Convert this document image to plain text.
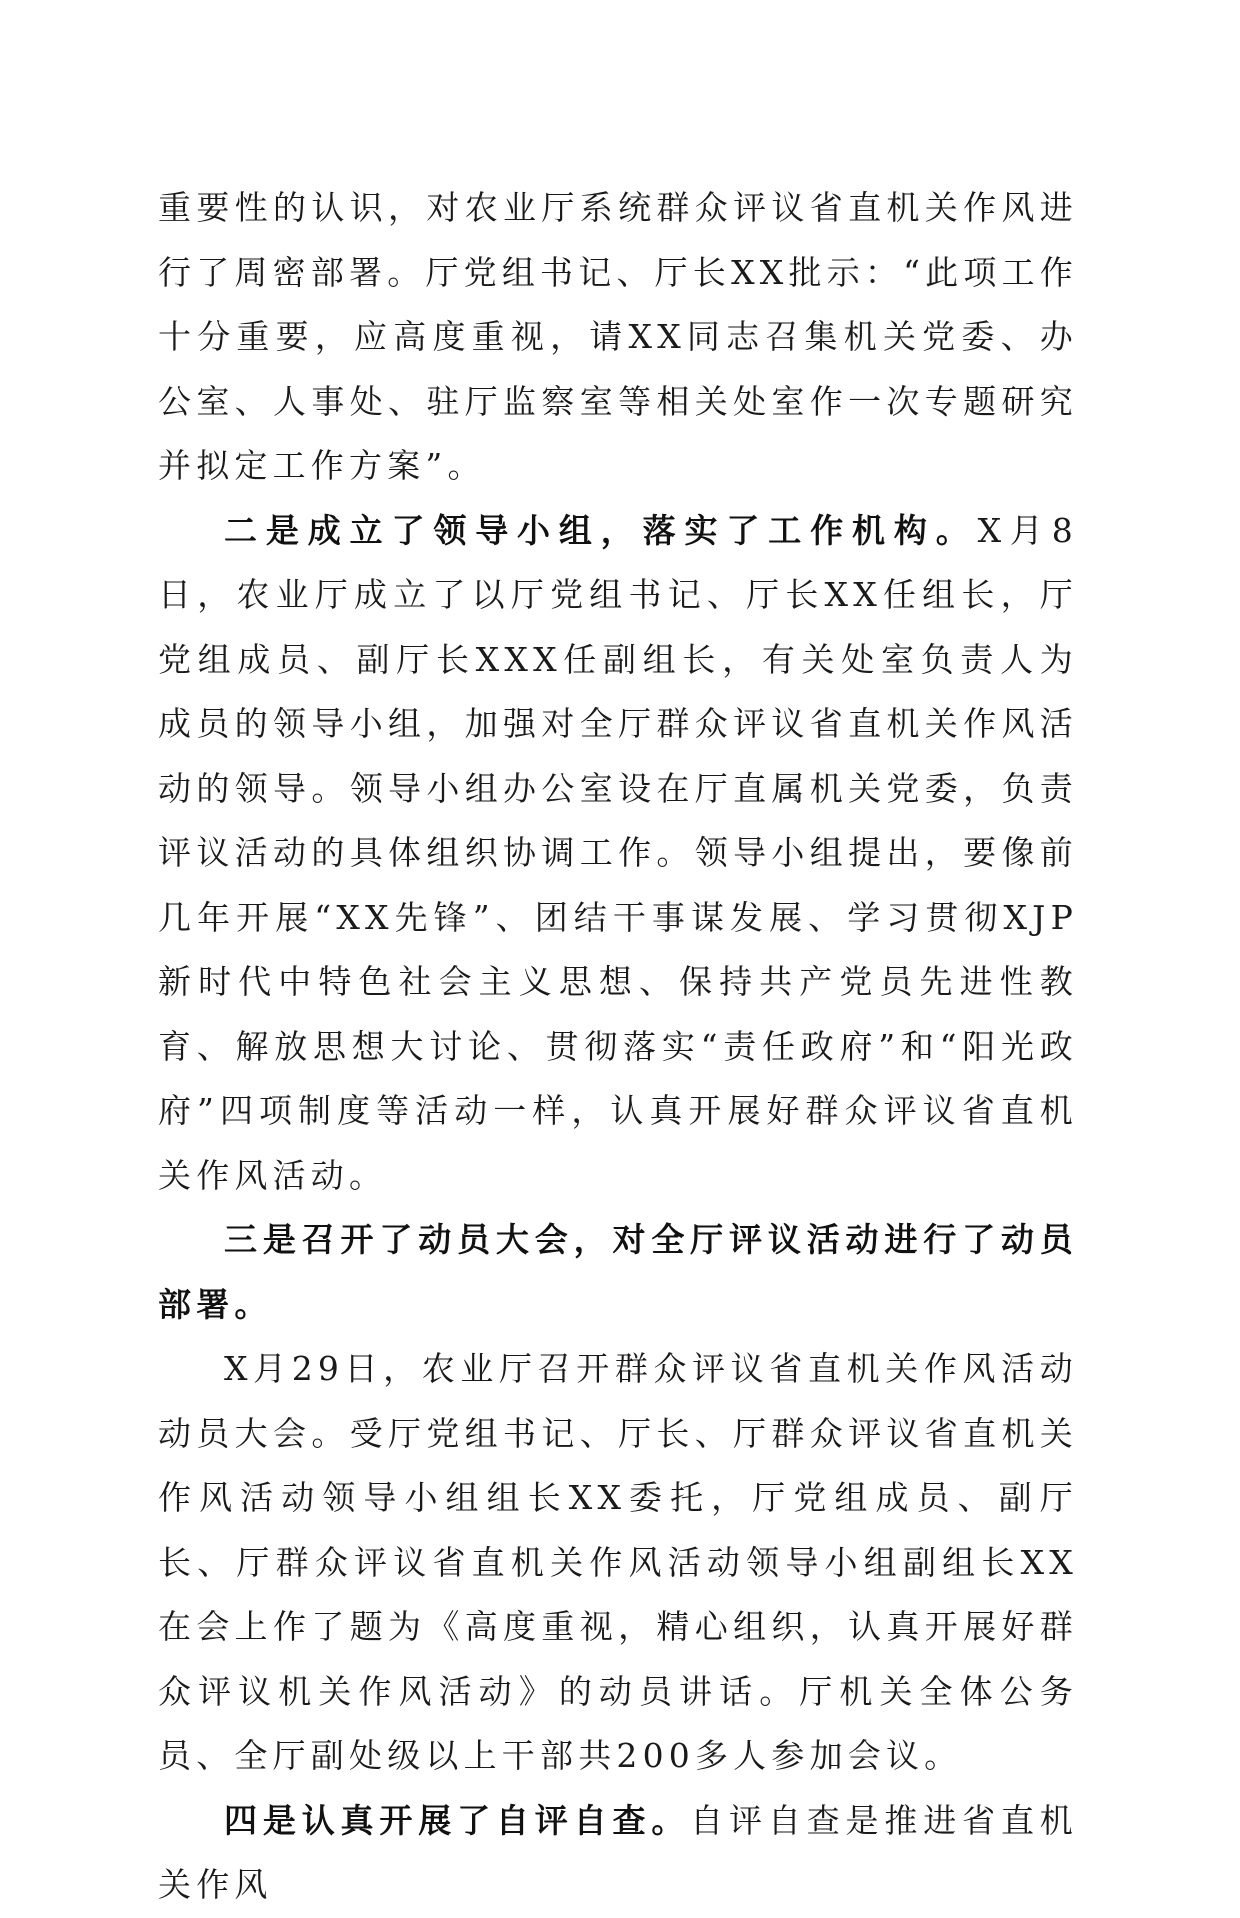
重要性的认识，对农业厅系统群众评议省直机关作风进行了周密部署。厅党组书记、厅长XX批示：“此项工作十分重要，应高度重视，请XX同志召集机关党委、办公室、人事处、驻厅监察室等相关处室作一次专题研究并拟定工作方案”。

二是成立了领导小组，落实了工作机构。X月8日，农业厅成立了以厅党组书记、厅长XX任组长，厅党组成员、副厅长XXX任副组长，有关处室负责人为成员的领导小组，加强对全厅群众评议省直机关作风活动的领导。领导小组办公室设在厅直属机关党委，负责评议活动的具体组织协调工作。领导小组提出，要像前几年开展“XX先锋”、团结干事谋发展、学习贯彻XJP新时代中特色社会主义思想、保持共产党员先进性教育、解放思想大讨论、贯彻落实“责任政府”和“阳光政府”四项制度等活动一样，认真开展好群众评议省直机关作风活动。

三是召开了动员大会，对全厅评议活动进行了动员部署。

X月29日，农业厅召开群众评议省直机关作风活动动员大会。受厅党组书记、厅长、厅群众评议省直机关作风活动领导小组组长XX委托，厅党组成员、副厅长、厅群众评议省直机关作风活动领导小组副组长XX在会上作了题为《高度重视，精心组织，认真开展好群众评议机关作风活动》的动员讲话。厅机关全体公务员、全厅副处级以上干部共200多人参加会议。

四是认真开展了自评自查。自评自查是推进省直机关作风
